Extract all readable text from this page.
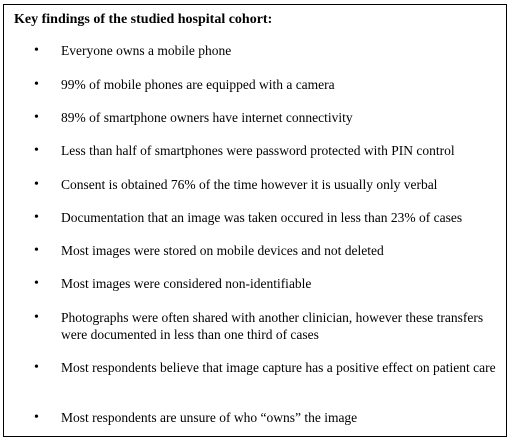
Key findings of the studied hospital cohort:
•	Everyone owns a mobile phone
•	99% of mobile phones are equipped with a camera
•	89% of smartphone owners have internet connectivity
•	Less than half of smartphones were password protected with PIN control
•	Consent is obtained 76% of the time however it is usually only verbal
•	Documentation that an image was taken occured in less than 23% of cases
•	Most images were stored on mobile devices and not deleted
•	Most images were considered non-identifiable
•	Photographs were often shared with another clinician, however these transfers were documented in less than one third of cases
•	Most respondents believe that image capture has a positive effect on patient care
•	Most respondents are unsure of who “owns” the image
